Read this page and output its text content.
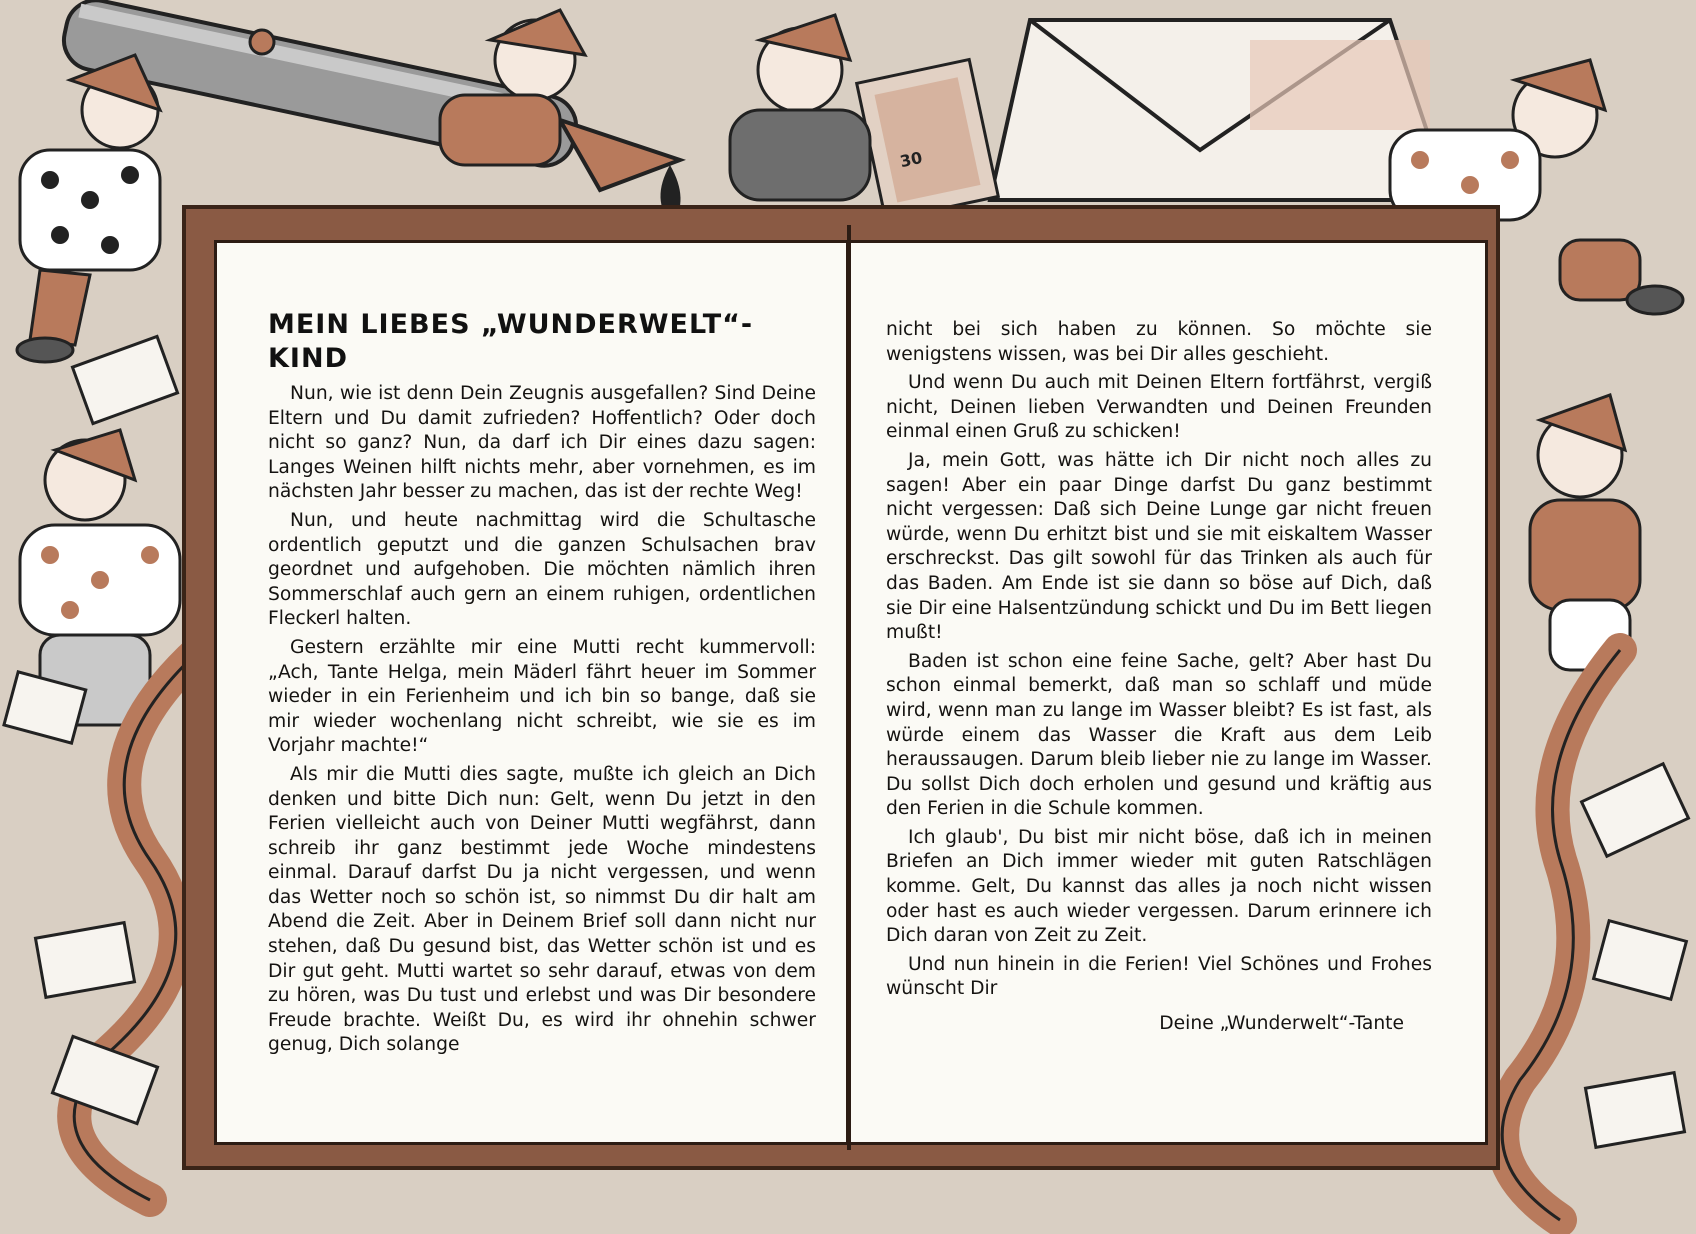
MEIN LIEBES „WUNDERWELT“-KIND

Nun, wie ist denn Dein Zeugnis ausgefallen? Sind Deine Eltern und Du damit zufrieden? Hoffentlich? Oder doch nicht so ganz? Nun, da darf ich Dir eines dazu sagen: Langes Weinen hilft nichts mehr, aber vornehmen, es im nächsten Jahr besser zu machen, das ist der rechte Weg!

Nun, und heute nachmittag wird die Schultasche ordentlich geputzt und die ganzen Schulsachen brav geordnet und aufgehoben. Die möchten nämlich ihren Sommerschlaf auch gern an einem ruhigen, ordentlichen Fleckerl halten.

Gestern erzählte mir eine Mutti recht kummervoll: „Ach, Tante Helga, mein Mäderl fährt heuer im Sommer wieder in ein Ferienheim und ich bin so bange, daß sie mir wieder wochenlang nicht schreibt, wie sie es im Vorjahr machte!“

Als mir die Mutti dies sagte, mußte ich gleich an Dich denken und bitte Dich nun: Gelt, wenn Du jetzt in den Ferien vielleicht auch von Deiner Mutti wegfährst, dann schreib ihr ganz bestimmt jede Woche mindestens einmal. Darauf darfst Du ja nicht vergessen, und wenn das Wetter noch so schön ist, so nimmst Du dir halt am Abend die Zeit. Aber in Deinem Brief soll dann nicht nur stehen, daß Du gesund bist, das Wetter schön ist und es Dir gut geht. Mutti wartet so sehr darauf, etwas von dem zu hören, was Du tust und erlebst und was Dir besondere Freude brachte. Weißt Du, es wird ihr ohnehin schwer genug, Dich solange

nicht bei sich haben zu können. So möchte sie wenigstens wissen, was bei Dir alles geschieht.

Und wenn Du auch mit Deinen Eltern fortfährst, vergiß nicht, Deinen lieben Verwandten und Deinen Freunden einmal einen Gruß zu schicken!

Ja, mein Gott, was hätte ich Dir nicht noch alles zu sagen! Aber ein paar Dinge darfst Du ganz bestimmt nicht vergessen: Daß sich Deine Lunge gar nicht freuen würde, wenn Du erhitzt bist und sie mit eiskaltem Wasser erschreckst. Das gilt sowohl für das Trinken als auch für das Baden. Am Ende ist sie dann so böse auf Dich, daß sie Dir eine Halsentzündung schickt und Du im Bett liegen mußt!

Baden ist schon eine feine Sache, gelt? Aber hast Du schon einmal bemerkt, daß man so schlaff und müde wird, wenn man zu lange im Wasser bleibt? Es ist fast, als würde einem das Wasser die Kraft aus dem Leib heraussaugen. Darum bleib lieber nie zu lange im Wasser. Du sollst Dich doch erholen und gesund und kräftig aus den Ferien in die Schule kommen.

Ich glaub', Du bist mir nicht böse, daß ich in meinen Briefen an Dich immer wieder mit guten Ratschlägen komme. Gelt, Du kannst das alles ja noch nicht wissen oder hast es auch wieder vergessen. Darum erinnere ich Dich daran von Zeit zu Zeit.

Und nun hinein in die Ferien! Viel Schönes und Frohes wünscht Dir

Deine „Wunderwelt“-Tante
30
